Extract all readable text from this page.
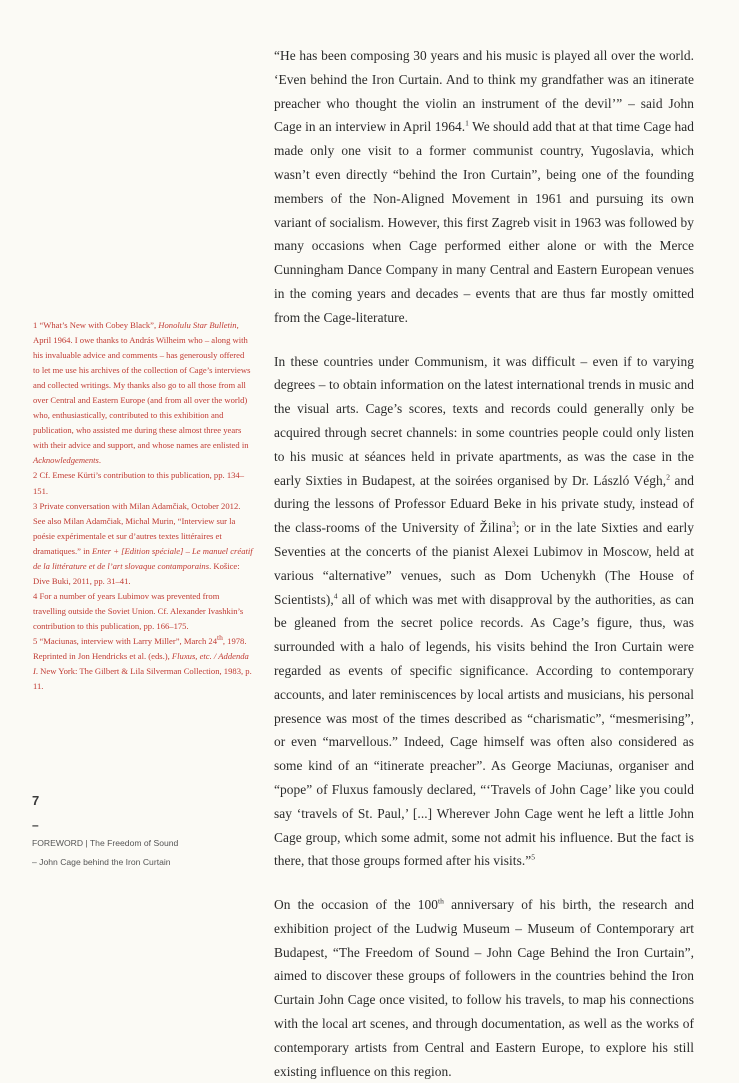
“He has been composing 30 years and his music is played all over the world. ‘Even behind the Iron Curtain. And to think my grandfather was an itinerate preacher who thought the violin an instrument of the devil’” – said John Cage in an interview in April 1964.$^1$ We should add that at that time Cage had made only one visit to a former communist country, Yugoslavia, which wasn’t even directly “behind the Iron Curtain”, being one of the founding members of the Non-Aligned Movement in 1961 and pursuing its own variant of socialism. However, this first Zagreb visit in 1963 was followed by many occasions when Cage performed either alone or with the Merce Cunningham Dance Company in many Central and Eastern European venues in the coming years and decades – events that are thus far mostly omitted from the Cage-literature.

In these countries under Communism, it was difficult – even if to varying degrees – to obtain information on the latest international trends in music and the visual arts. Cage’s scores, texts and records could generally only be acquired through secret channels: in some countries people could only listen to his music at séances held in private apartments, as was the case in the early Sixties in Budapest, at the soirées organised by Dr. László Végh,$^2$ and during the lessons of Professor Eduard Beke in his private study, instead of the class-rooms of the University of Žilina$^3$; or in the late Sixties and early Seventies at the concerts of the pianist Alexei Lubimov in Moscow, held at various “alternative” venues, such as Dom Uchenykh (The House of Scientists),$^4$ all of which was met with disapproval by the authorities, as can be gleaned from the secret police records. As Cage’s figure, thus, was surrounded with a halo of legends, his visits behind the Iron Curtain were regarded as events of specific significance. According to contemporary accounts, and later reminiscences by local artists and musicians, his personal presence was most of the times described as “charismatic”, “mesmerising”, or even “marvellous.” Indeed, Cage himself was often also considered as some kind of an “itinerate preacher”. As George Maciunas, organiser and “pope” of Fluxus famously declared, “‘Travels of John Cage’ like you could say ‘travels of St. Paul,’ [...] Wherever John Cage went he left a little John Cage group, which some admit, some not admit his influence. But the fact is there, that those groups formed after his visits.”$^5$

On the occasion of the 100th anniversary of his birth, the research and exhibition project of the Ludwig Museum – Museum of Contemporary art Budapest, “The Freedom of Sound – John Cage Behind the Iron Curtain”, aimed to discover these groups of followers in the countries behind the Iron Curtain John Cage once visited, to follow his travels, to map his connections with the local art scenes, and through documentation, as well as the works of contemporary artists from Central and Eastern Europe, to explore his still existing influence on this region.

1 “What’s New with Cobey Black”, Honolulu Star Bulletin, April 1964. I owe thanks to András Wilheim who – along with his invaluable advice and comments – has generously offered to let me use his archives of the collection of Cage’s interviews and collected writings. My thanks also go to all those from all over Central and Eastern Europe (and from all over the world) who, enthusiastically, contributed to this exhibition and publication, who assisted me during these almost three years with their advice and support, and whose names are enlisted in Acknowledgements.

2 Cf. Emese Kürti’s contribution to this publication, pp. 134–151.

3 Private conversation with Milan Adamčiak, October 2012. See also Milan Adamčiak, Michal Murin, “Interview sur la poésie expérimentale et sur d’autres textes littéraires et dramatiques.” in Enter + [Edition spéciale] – Le manuel créatif de la littérature et de l’art slovaque contamporains. Košice: Dive Buki, 2011, pp. 31–41.

4 For a number of years Lubimov was prevented from travelling outside the Soviet Union. Cf. Alexander Ivashkin’s contribution to this publication, pp. 166–175.

5 “Maciunas, interview with Larry Miller”, March 24th, 1978. Reprinted in Jon Hendricks et al. (eds.), Fluxus, etc. / Addenda I. New York: The Gilbert & Lila Silverman Collection, 1983, p. 11.

7
–
FOREWORD | The Freedom of Sound
– John Cage behind the Iron Curtain
